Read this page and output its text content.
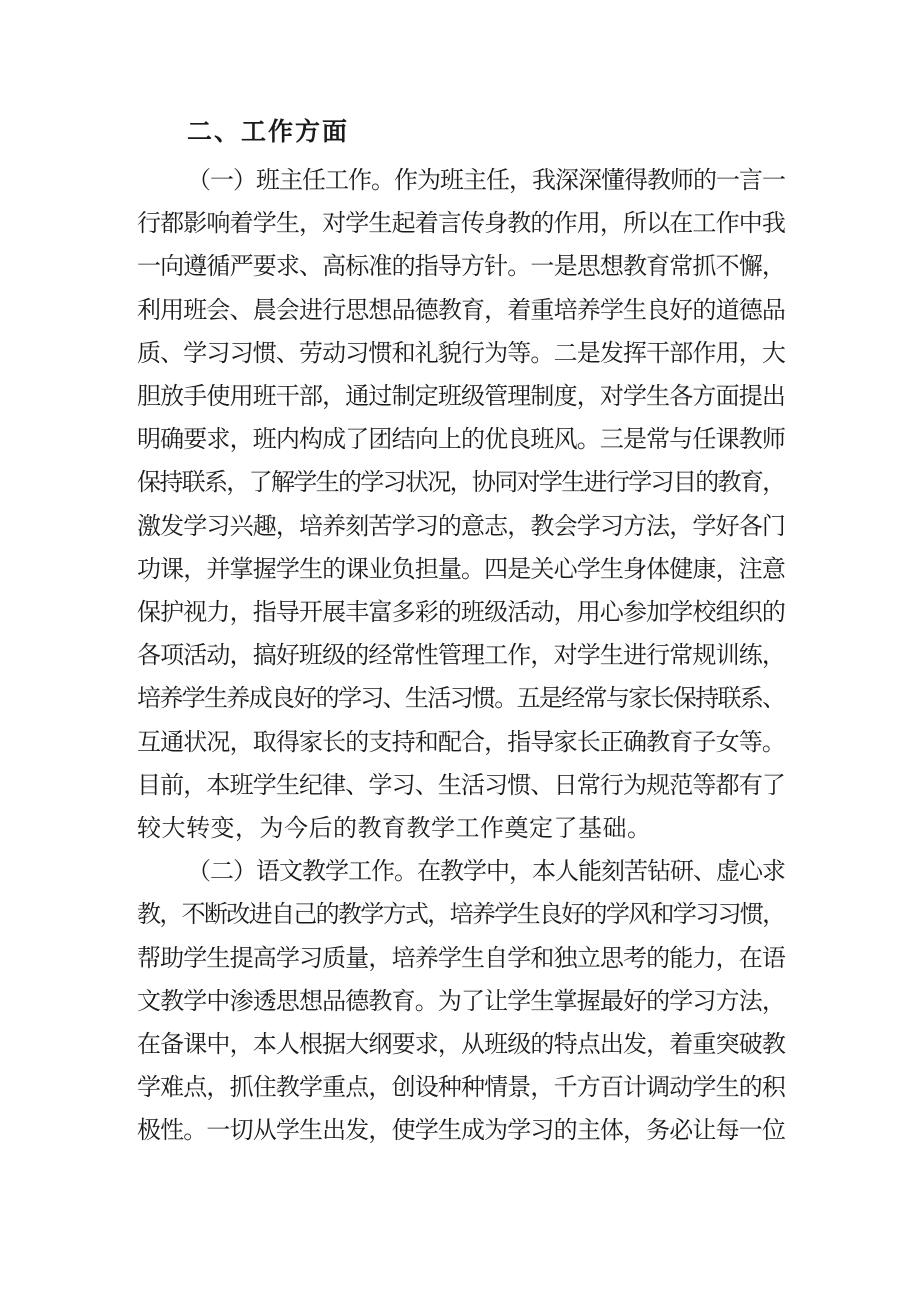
二、工作方面
（一）班主任工作。作为班主任，我深深懂得教师的一言一
行都影响着学生，对学生起着言传身教的作用，所以在工作中我
一向遵循严要求、高标准的指导方针。一是思想教育常抓不懈，
利用班会、晨会进行思想品德教育，着重培养学生良好的道德品
质、学习习惯、劳动习惯和礼貌行为等。二是发挥干部作用，大
胆放手使用班干部，通过制定班级管理制度，对学生各方面提出
明确要求，班内构成了团结向上的优良班风。三是常与任课教师
保持联系，了解学生的学习状况，协同对学生进行学习目的教育，
激发学习兴趣，培养刻苦学习的意志，教会学习方法，学好各门
功课，并掌握学生的课业负担量。四是关心学生身体健康，注意
保护视力，指导开展丰富多彩的班级活动，用心参加学校组织的
各项活动，搞好班级的经常性管理工作，对学生进行常规训练，
培养学生养成良好的学习、生活习惯。五是经常与家长保持联系、
互通状况，取得家长的支持和配合，指导家长正确教育子女等。
目前，本班学生纪律、学习、生活习惯、日常行为规范等都有了
较大转变，为今后的教育教学工作奠定了基础。
（二）语文教学工作。在教学中，本人能刻苦钻研、虚心求
教，不断改进自己的教学方式，培养学生良好的学风和学习习惯，
帮助学生提高学习质量，培养学生自学和独立思考的能力，在语
文教学中渗透思想品德教育。为了让学生掌握最好的学习方法，
在备课中，本人根据大纲要求，从班级的特点出发，着重突破教
学难点，抓住教学重点，创设种种情景，千方百计调动学生的积
极性。一切从学生出发，使学生成为学习的主体，务必让每一位
